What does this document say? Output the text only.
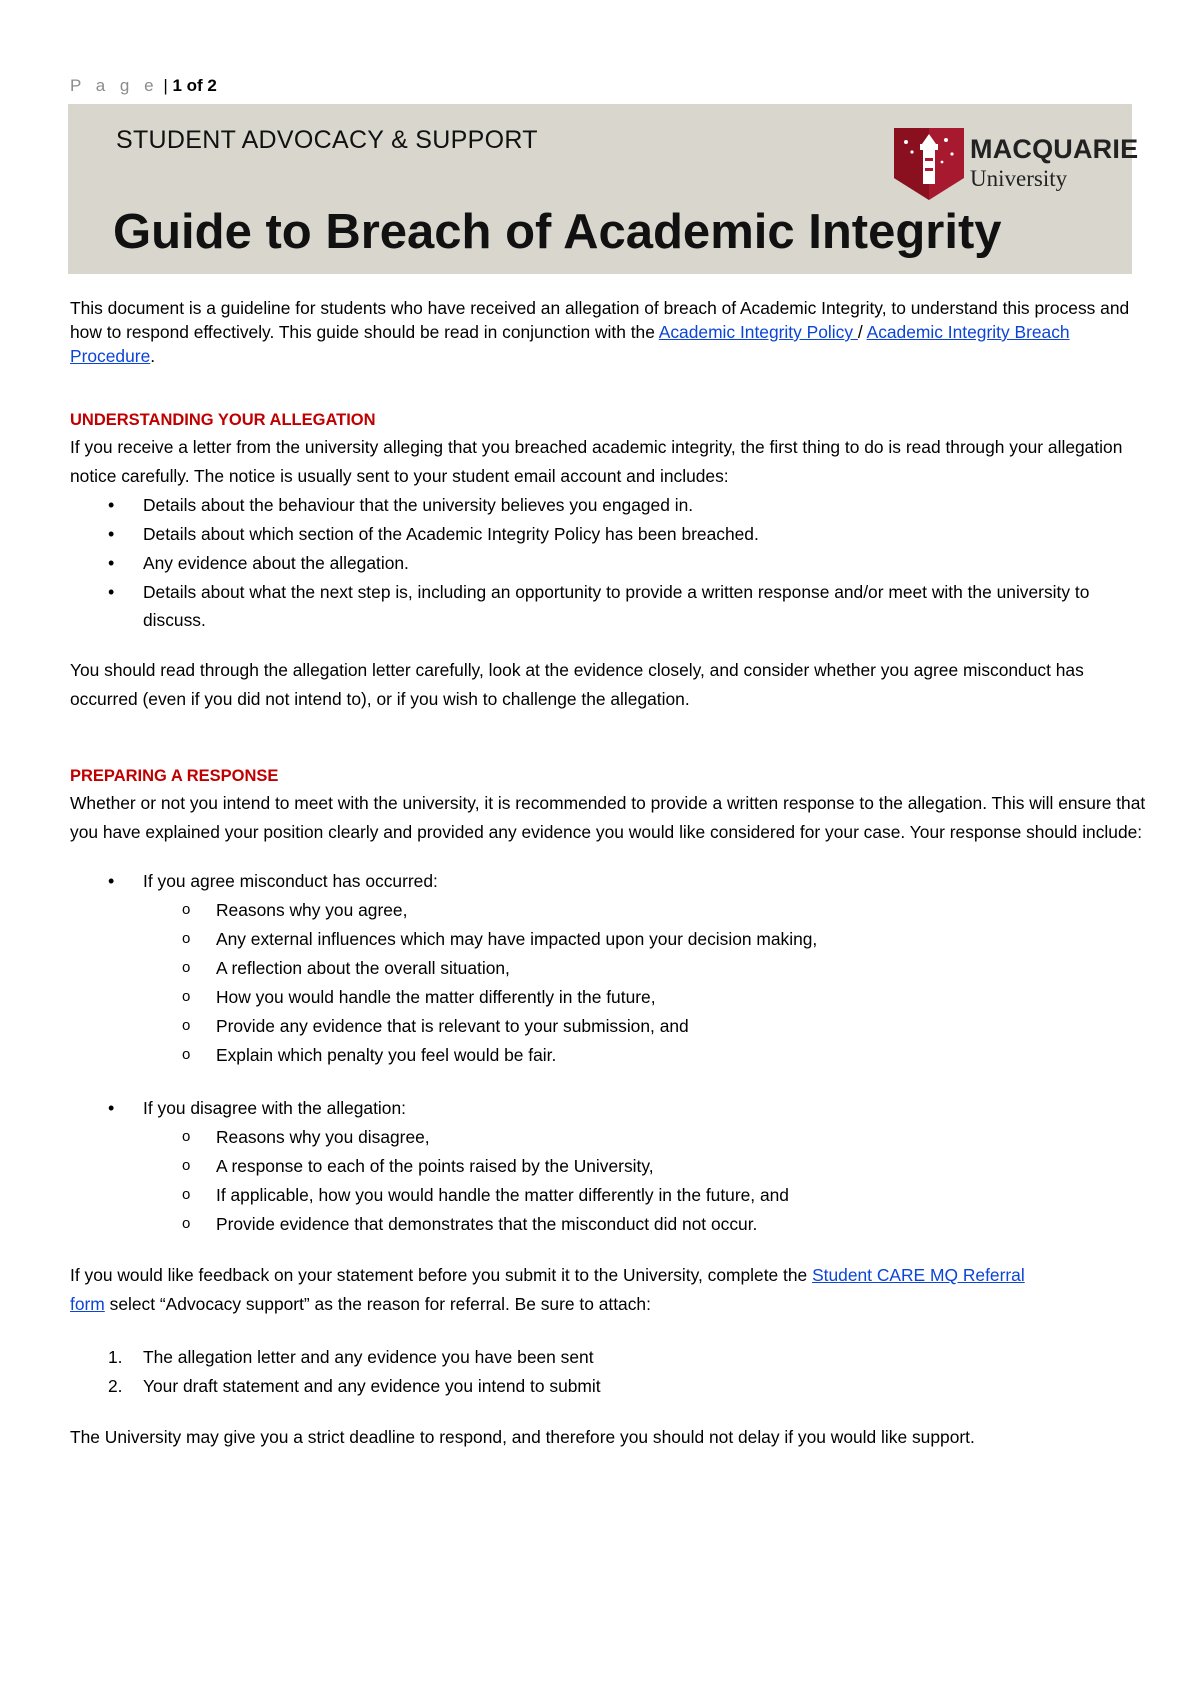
P a g e | 1 of 2
STUDENT ADVOCACY & SUPPORT	MACQUARIE
University
Guide to Breach of Academic Integrity

This document is a guideline for students who have received an allegation of breach of Academic Integrity, to understand this process and how to respond effectively. This guide should be read in conjunction with the Academic Integrity Policy / Academic Integrity Breach Procedure.

UNDERSTANDING YOUR ALLEGATION

If you receive a letter from the university alleging that you breached academic integrity, the first thing to do is read through your allegation notice carefully. The notice is usually sent to your student email account and includes:

• Details about the behaviour that the university believes you engaged in.
• Details about which section of the Academic Integrity Policy has been breached.
• Any evidence about the allegation.
• Details about what the next step is, including an opportunity to provide a written response and/or meet with the university to discuss.

You should read through the allegation letter carefully, look at the evidence closely, and consider whether you agree misconduct has occurred (even if you did not intend to), or if you wish to challenge the allegation.

PREPARING A RESPONSE

Whether or not you intend to meet with the university, it is recommended to provide a written response to the allegation. This will ensure that you have explained your position clearly and provided any evidence you would like considered for your case. Your response should include:

• If you agree misconduct has occurred:
o Reasons why you agree,
o Any external influences which may have impacted upon your decision making,
o A reflection about the overall situation,
o How you would handle the matter differently in the future,
o Provide any evidence that is relevant to your submission, and
o Explain which penalty you feel would be fair.
• If you disagree with the allegation:
o Reasons why you disagree,
o A response to each of the points raised by the University,
o If applicable, how you would handle the matter differently in the future, and
o Provide evidence that demonstrates that the misconduct did not occur.

If you would like feedback on your statement before you submit it to the University, complete the Student CARE MQ Referral form select “Advocacy support” as the reason for referral. Be sure to attach:

1. The allegation letter and any evidence you have been sent
2. Your draft statement and any evidence you intend to submit

The University may give you a strict deadline to respond, and therefore you should not delay if you would like support.
